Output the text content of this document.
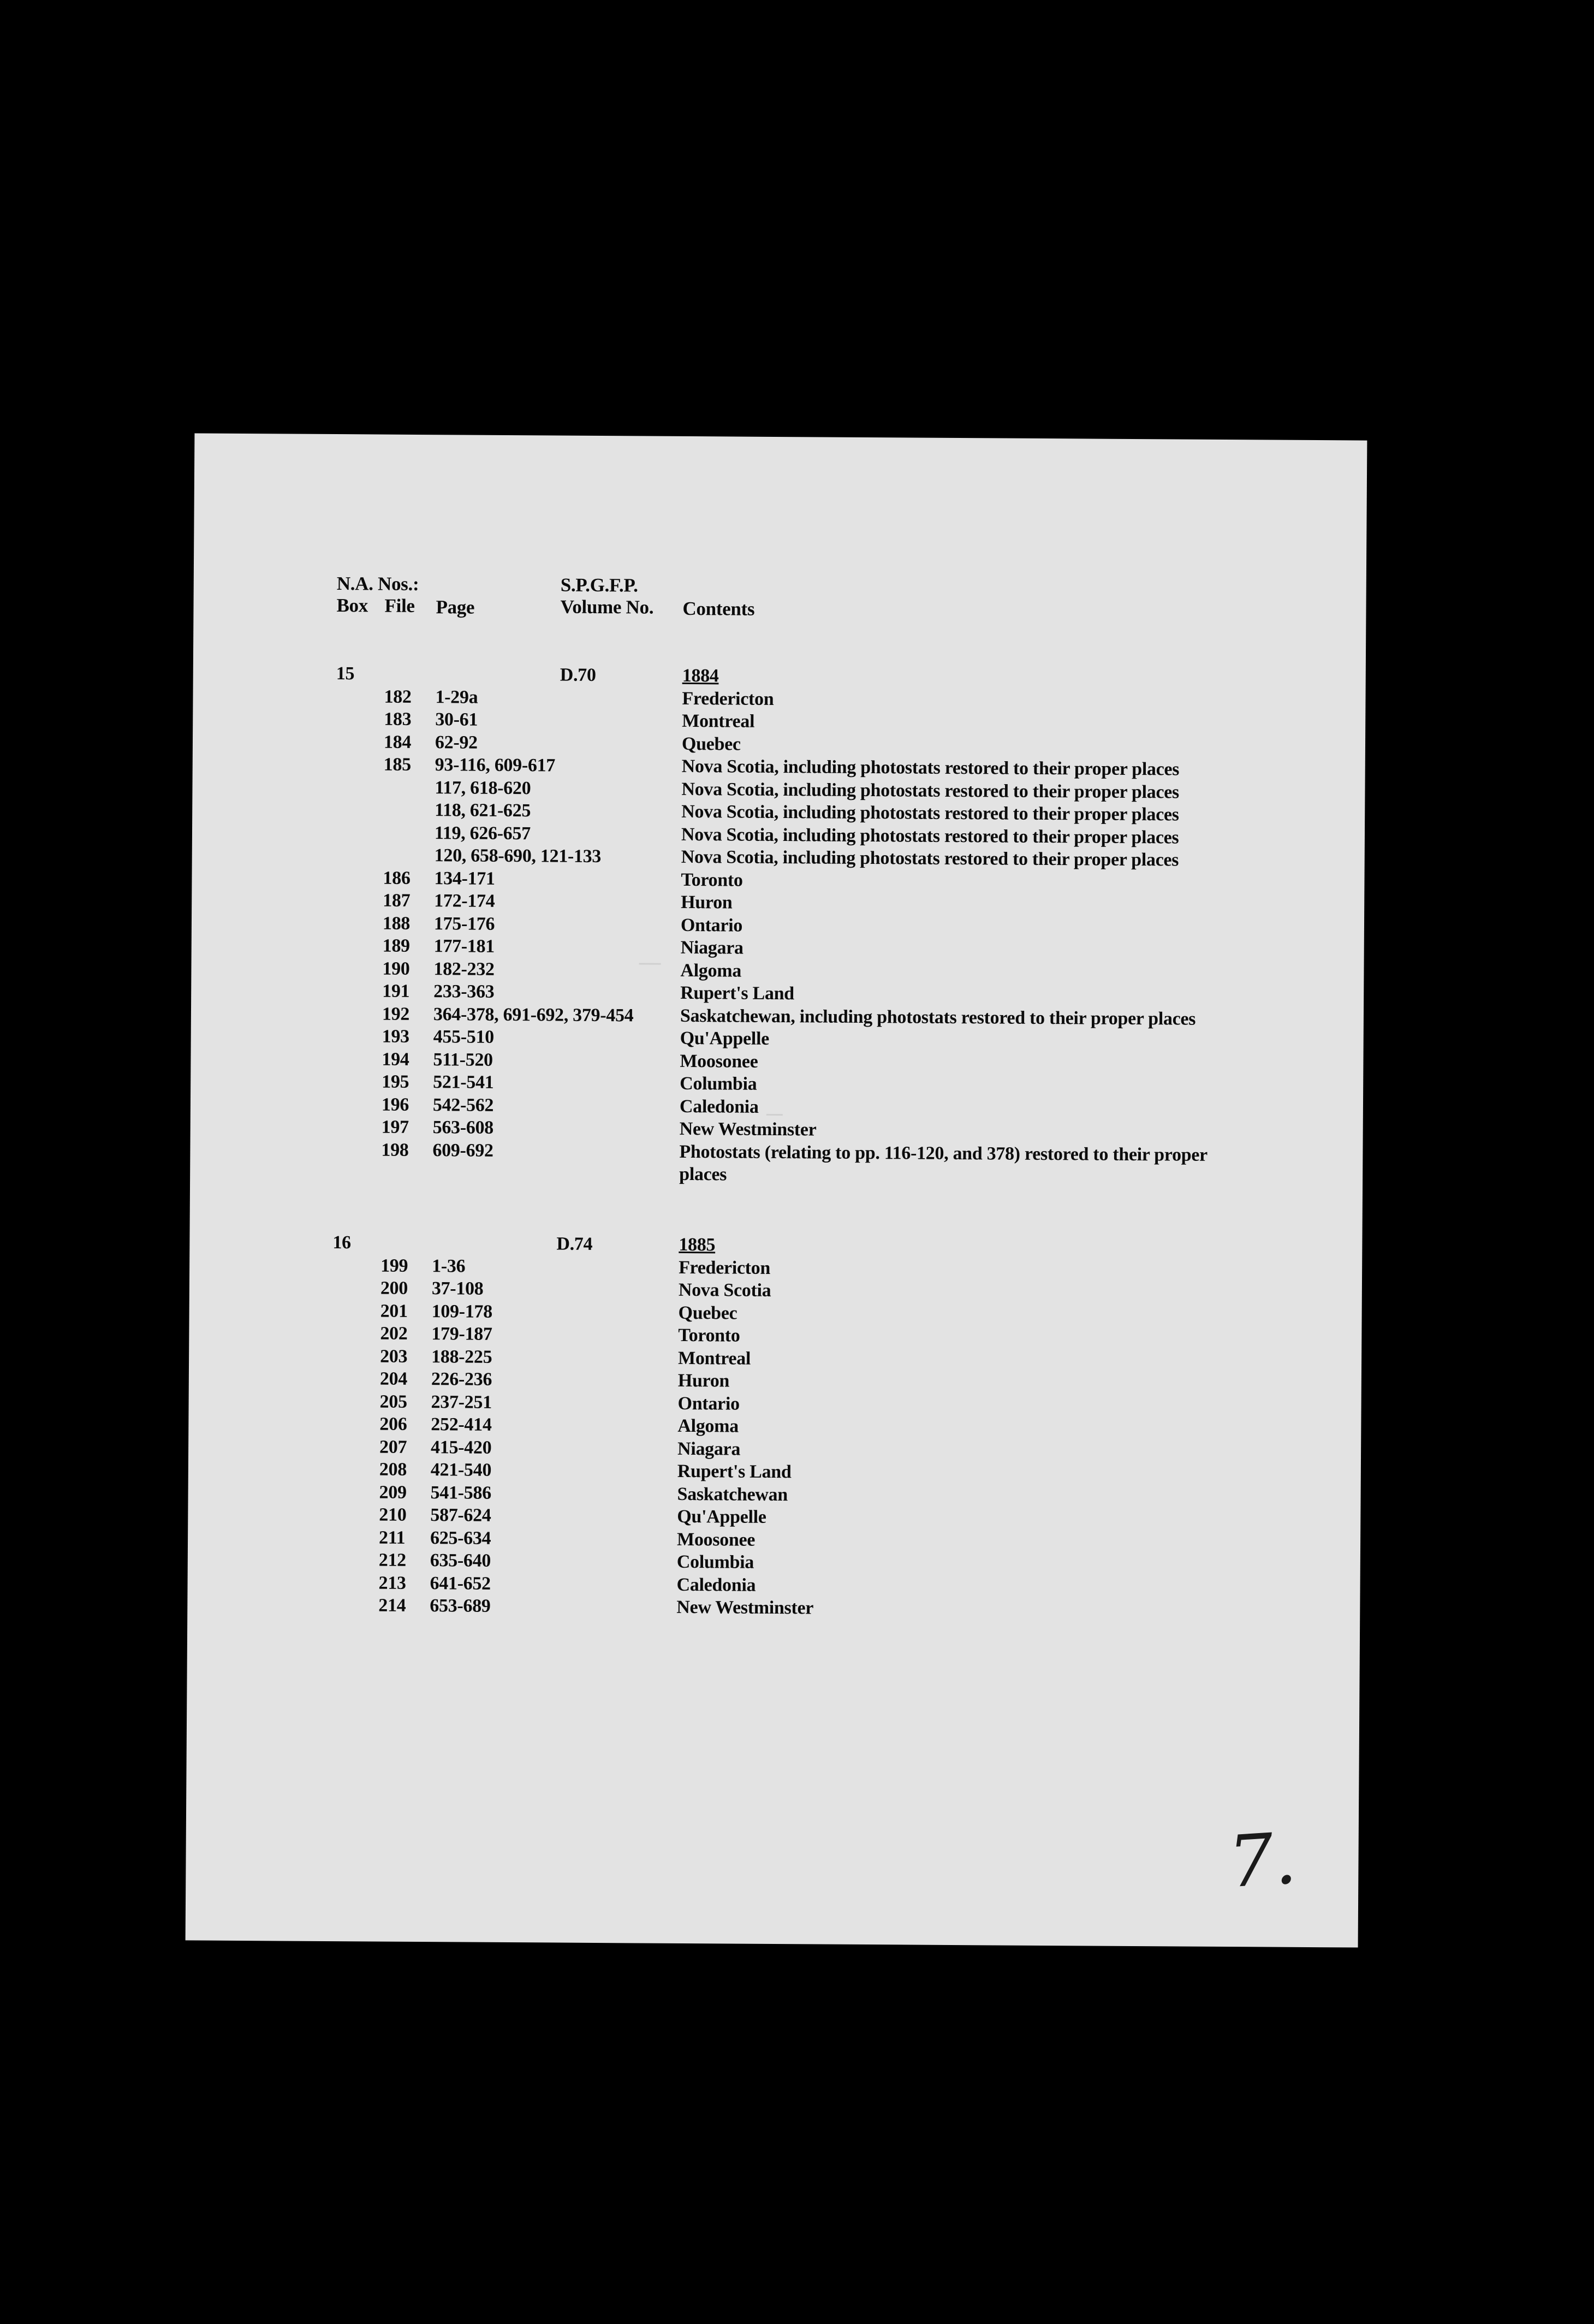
N.A. Nos.:	S.P.G.F.P.
Box File Page	Volume No. Contents
15	D.70	1884
182 1-29a	Fredericton
183 30-61	Montreal
184 62-92	Quebec
185 93-116, 609-617	Nova Scotia, including photostats restored to their proper places
117, 618-620	Nova Scotia, including photostats restored to their proper places
118, 621-625	Nova Scotia, including photostats restored to their proper places
119, 626-657	Nova Scotia, including photostats restored to their proper places
120, 658-690, 121-133	Nova Scotia, including photostats restored to their proper places
186 134-171	Toronto
187 172-174	Huron
188 175-176	Ontario
189 177-181	Niagara
190 182-232	Algoma
191 233-363	Rupert's Land
192 364-378, 691-692, 379-454	Saskatchewan, including photostats restored to their proper places
193 455-510	Qu'Appelle
194 511-520	Moosonee
195 521-541	Columbia
196 542-562	Caledonia
197 563-608	New Westminster
198 609-692	Photostats (relating to pp. 116-120, and 378) restored to their proper
places
16	D.74	1885
199 1-36	Fredericton
200 37-108	Nova Scotia
201 109-178	Quebec
202 179-187	Toronto
203 188-225	Montreal
204 226-236	Huron
205 237-251	Ontario
206 252-414	Algoma
207 415-420	Niagara
208 421-540	Rupert's Land
209 541-586	Saskatchewan
210 587-624	Qu'Appelle
211 625-634	Moosonee
212 635-640	Columbia
213 641-652	Caledonia
214 653-689	New Westminster
7.
